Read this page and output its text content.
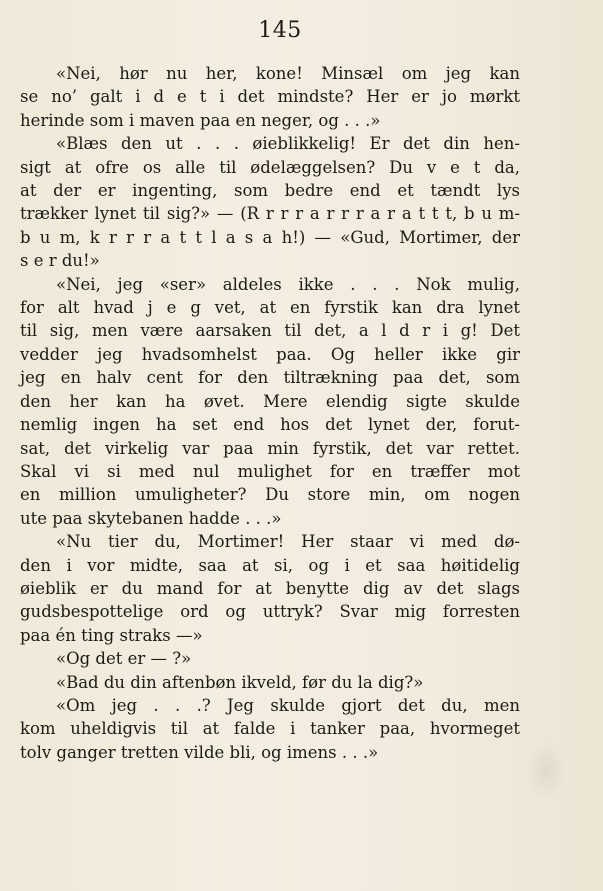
145
«Nei, hør nu her, kone! Minsæl om jeg kan
se no’ galt i d e t i det mindste? Her er jo mørkt
herinde som i maven paa en neger, og . . .»
«Blæs den ut . . . øieblikkelig! Er det din hen-
sigt at ofre os alle til ødelæggelsen? Du v e t da,
at der er ingenting, som bedre end et tændt lys
trækker lynet til sig?» — (R r r r a r r r a r a t t t, b u m-
b u m, k r r r a t t l a s a h!) — «Gud, Mortimer, der
s e r du!»
«Nei, jeg «ser» aldeles ikke . . . Nok mulig,
for alt hvad j e g vet, at en fyrstik kan dra lynet
til sig, men være aarsaken til det, a l d r i g! Det
vedder jeg hvadsomhelst paa. Og heller ikke gir
jeg en halv cent for den tiltrækning paa det, som
den her kan ha øvet. Mere elendig sigte skulde
nemlig ingen ha set end hos det lynet der, forut-
sat, det virkelig var paa min fyrstik, det var rettet.
Skal vi si med nul mulighet for en træffer mot
en million umuligheter? Du store min, om nogen
ute paa skytebanen hadde . . .»
«Nu tier du, Mortimer! Her staar vi med dø-
den i vor midte, saa at si, og i et saa høitidelig
øieblik er du mand for at benytte dig av det slags
gudsbespottelige ord og uttryk? Svar mig forresten
paa én ting straks —»
«Og det er — ?»
«Bad du din aftenbøn ikveld, før du la dig?»
«Om jeg . . .? Jeg skulde gjort det du, men
kom uheldigvis til at falde i tanker paa, hvormeget
tolv ganger tretten vilde bli, og imens . . .»
